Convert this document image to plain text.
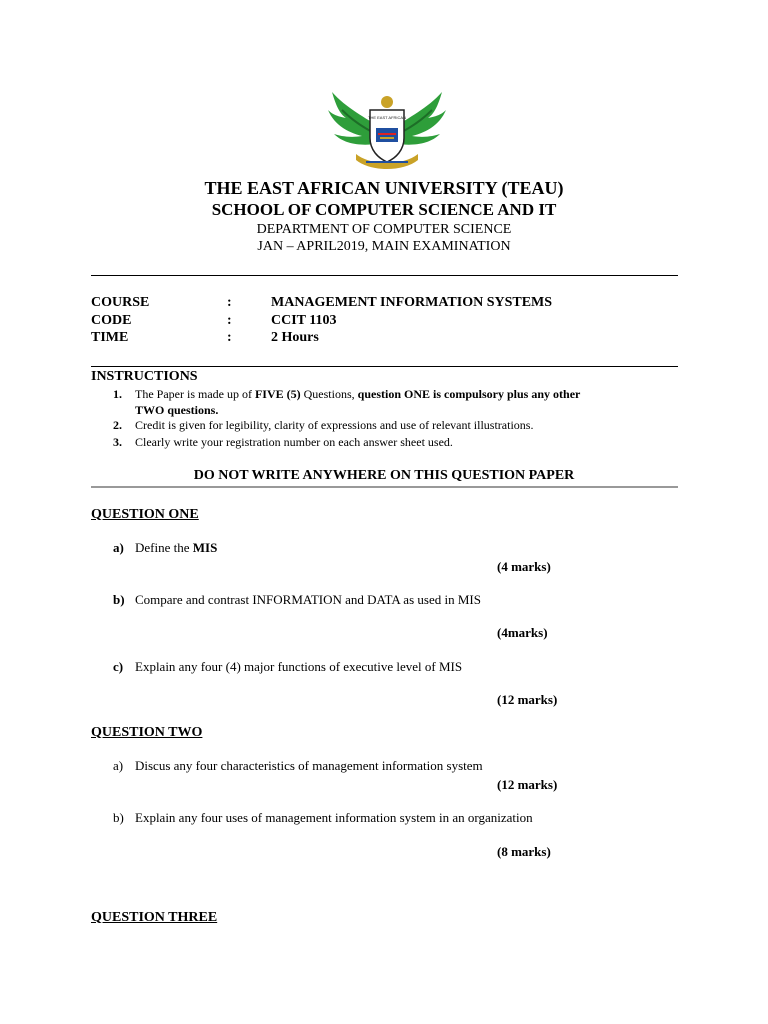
THE EAST AFRICAN
THE EAST AFRICAN UNIVERSITY (TEAU)
SCHOOL OF COMPUTER SCIENCE AND IT
DEPARTMENT OF COMPUTER SCIENCE
JAN – APRIL2019, MAIN EXAMINATION
COURSE	:	MANAGEMENT INFORMATION SYSTEMS
CODE	:	CCIT 1103
TIME	:	2 Hours
INSTRUCTIONS
1. The Paper is made up of FIVE (5) Questions, question ONE is compulsory plus any other
TWO questions.
2. Credit is given for legibility, clarity of expressions and use of relevant illustrations.
3. Clearly write your registration number on each answer sheet used.
DO NOT WRITE ANYWHERE ON THIS QUESTION PAPER
QUESTION ONE
a) Define the MIS
(4 marks)
b) Compare and contrast INFORMATION and DATA as used in MIS
(4marks)
c) Explain any four (4) major functions of executive level of MIS
(12 marks)
QUESTION TWO
a) Discus any four characteristics of management information system
(12 marks)
b) Explain any four uses of management information system in an organization
(8 marks)
QUESTION THREE
